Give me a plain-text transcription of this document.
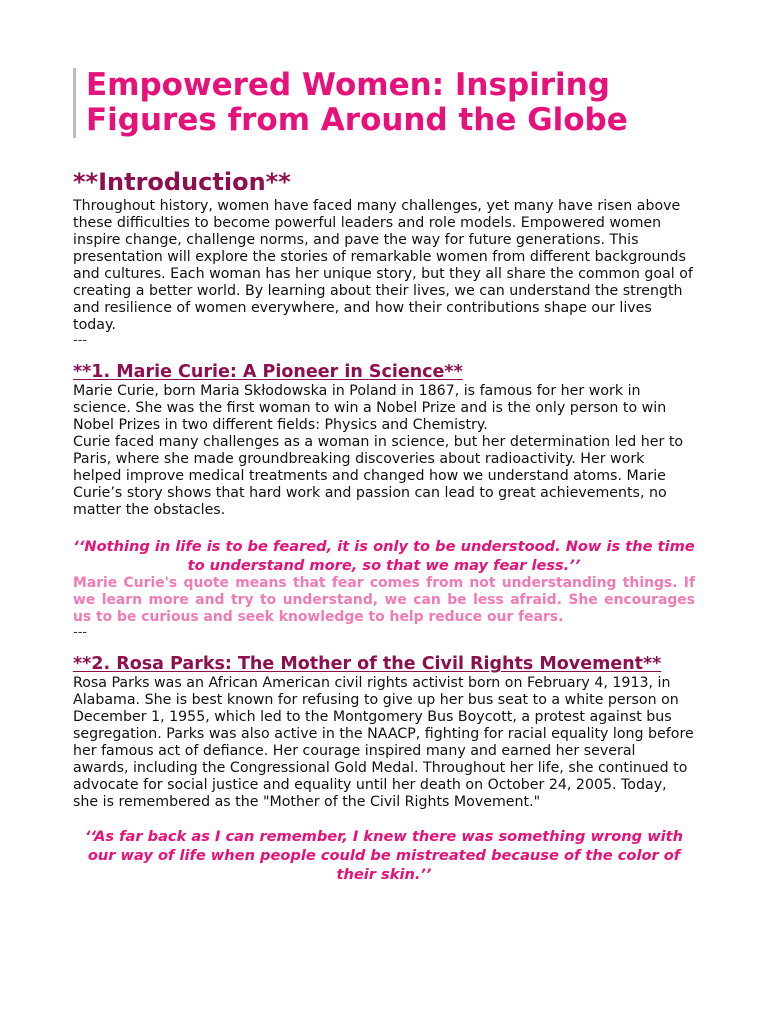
Empowered Women: Inspiring Figures from Around the Globe
**Introduction**

Throughout history, women have faced many challenges, yet many have risen above these difficulties to become powerful leaders and role models. Empowered women inspire change, challenge norms, and pave the way for future generations. This presentation will explore the stories of remarkable women from different backgrounds and cultures. Each woman has her unique story, but they all share the common goal of creating a better world. By learning about their lives, we can understand the strength and resilience of women everywhere, and how their contributions shape our lives today.

---

**1. Marie Curie: A Pioneer in Science**

Marie Curie, born Maria Skłodowska in Poland in 1867, is famous for her work in science. She was the first woman to win a Nobel Prize and is the only person to win Nobel Prizes in two different fields: Physics and Chemistry.

Curie faced many challenges as a woman in science, but her determination led her to Paris, where she made groundbreaking discoveries about radioactivity. Her work helped improve medical treatments and changed how we understand atoms. Marie Curie’s story shows that hard work and passion can lead to great achievements, no matter the obstacles.

‘‘Nothing in life is to be feared, it is only to be understood. Now is the time to understand more, so that we may fear less.’’

Marie Curie's quote means that fear comes from not understanding things. If we learn more and try to understand, we can be less afraid. She encourages us to be curious and seek knowledge to help reduce our fears.

---

**2. Rosa Parks: The Mother of the Civil Rights Movement**

Rosa Parks was an African American civil rights activist born on February 4, 1913, in Alabama. She is best known for refusing to give up her bus seat to a white person on December 1, 1955, which led to the Montgomery Bus Boycott, a protest against bus segregation. Parks was also active in the NAACP, fighting for racial equality long before her famous act of defiance. Her courage inspired many and earned her several awards, including the Congressional Gold Medal. Throughout her life, she continued to advocate for social justice and equality until her death on October 24, 2005. Today, she is remembered as the "Mother of the Civil Rights Movement."

‘‘As far back as I can remember, I knew there was something wrong with our way of life when people could be mistreated because of the color of their skin.’’
